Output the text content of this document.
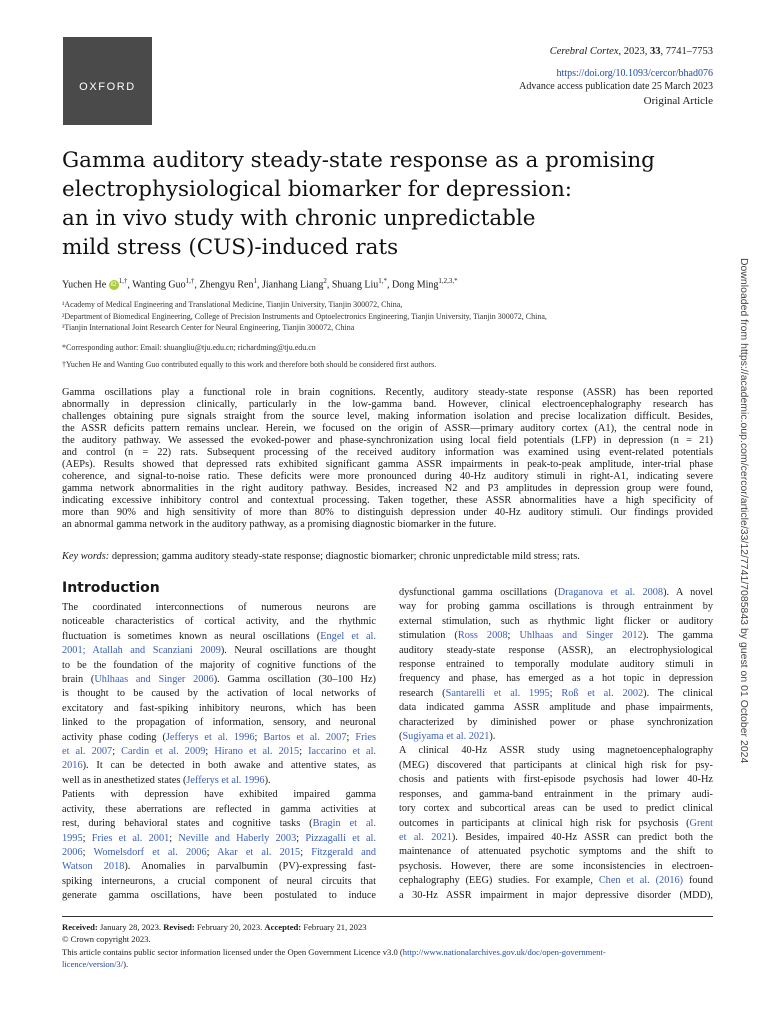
OXFORD
Cerebral Cortex, 2023, 33, 7741–7753
https://doi.org/10.1093/cercor/bhad076
Advance access publication date 25 March 2023
Original Article
Gamma auditory steady-state response as a promising
electrophysiological biomarker for depression:
an in vivo study with chronic unpredictable
mild stress (CUS)-induced rats
Yuchen He $iD^{1,\dagger}$, Wanting Guo$^{1,\dagger}$, Zhengyu Ren$^1$, Jianhang Liang$^2$, Shuang Liu$^{1,*}$, Dong Ming$^{1,2,3,*}$
¹Academy of Medical Engineering and Translational Medicine, Tianjin University, Tianjin 300072, China,
²Department of Biomedical Engineering, College of Precision Instruments and Optoelectronics Engineering, Tianjin University, Tianjin 300072, China,
³Tianjin International Joint Research Center for Neural Engineering, Tianjin 300072, China
*Corresponding author: Email: shuangliu@tju.edu.cn; richardming@tju.edu.cn
†Yuchen He and Wanting Guo contributed equally to this work and therefore both should be considered first authors.
Gamma oscillations play a functional role in brain cognitions. Recently, auditory steady-state response (ASSR) has been reported
abnormally in depression clinically, particularly in the low-gamma band. However, clinical electroencephalography research has
challenges obtaining pure signals straight from the source level, making information isolation and precise localization difficult. Besides,
the ASSR deficits pattern remains unclear. Herein, we focused on the origin of ASSR—primary auditory cortex (A1), the central node in
the auditory pathway. We assessed the evoked-power and phase-synchronization using local field potentials (LFP) in depression (n = 21)
and control (n = 22) rats. Subsequent processing of the received auditory information was examined using event-related potentials
(AEPs). Results showed that depressed rats exhibited significant gamma ASSR impairments in peak-to-peak amplitude, inter-trial phase
coherence, and signal-to-noise ratio. These deficits were more pronounced during 40-Hz auditory stimuli in right-A1, indicating severe
gamma network abnormalities in the right auditory pathway. Besides, increased N2 and P3 amplitudes in depression group were found,
indicating excessive inhibitory control and contextual processing. Taken together, these ASSR abnormalities have a high specificity of
more than 90% and high sensitivity of more than 80% to distinguish depression under 40-Hz auditory stimuli. Our findings provided
an abnormal gamma network in the auditory pathway, as a promising diagnostic biomarker in the future.
Key words: depression; gamma auditory steady-state response; diagnostic biomarker; chronic unpredictable mild stress; rats.
Introduction
The coordinated interconnections of numerous neurons are
noticeable characteristics of cortical activity, and the rhythmic
fluctuation is sometimes known as neural oscillations (Engel et al.
2001; Atallah and Scanziani 2009). Neural oscillations are thought
to be the foundation of the majority of cognitive functions of the
brain (Uhlhaas and Singer 2006). Gamma oscillation (30–100 Hz)
is thought to be caused by the activation of local networks of
excitatory and fast-spiking inhibitory neurons, which has been
linked to the propagation of information, sensory, and neuronal
activity phase coding (Jefferys et al. 1996; Bartos et al. 2007; Fries
et al. 2007; Cardin et al. 2009; Hirano et al. 2015; Iaccarino et al.
2016). It can be detected in both awake and attentive states, as
well as in anesthetized states (Jefferys et al. 1996).
Patients with depression have exhibited impaired gamma
activity, these aberrations are reflected in gamma activities at
rest, during behavioral states and cognitive tasks (Bragin et al.
1995; Fries et al. 2001; Neville and Haberly 2003; Pizzagalli et al.
2006; Womelsdorf et al. 2006; Akar et al. 2015; Fitzgerald and
Watson 2018). Anomalies in parvalbumin (PV)-expressing fast-
spiking interneurons, a crucial component of neural circuits that
generate gamma oscillations, have been postulated to induce
dysfunctional gamma oscillations (Draganova et al. 2008). A novel
way for probing gamma oscillations is through entrainment by
external stimulation, such as rhythmic light flicker or auditory
stimulation (Ross 2008; Uhlhaas and Singer 2012). The gamma
auditory steady-state response (ASSR), an electrophysiological
response entrained to temporally modulate auditory stimuli in
frequency and phase, has emerged as a hot topic in depression
research (Santarelli et al. 1995; Roß et al. 2002). The clinical
data indicated gamma ASSR amplitude and phase impairments,
characterized by diminished power or phase synchronization
(Sugiyama et al. 2021).
A clinical 40-Hz ASSR study using magnetoencephalography
(MEG) discovered that participants at clinical high risk for psy-
chosis and patients with first-episode psychosis had lower 40-Hz
responses, and gamma-band entrainment in the primary audi-
tory cortex and subcortical areas can be used to predict clinical
outcomes in participants at clinical high risk for psychosis (Grent
et al. 2021). Besides, impaired 40-Hz ASSR can predict both the
maintenance of attenuated psychotic symptoms and the shift to
psychosis. However, there are some inconsistencies in electroen-
cephalography (EEG) studies. For example, Chen et al. (2016) found
a 30-Hz ASSR impairment in major depressive disorder (MDD),
Received: January 28, 2023. Revised: February 20, 2023. Accepted: February 21, 2023
© Crown copyright 2023.
This article contains public sector information licensed under the Open Government Licence v3.0 (http://www.nationalarchives.gov.uk/doc/open-government-
licence/version/3/).
Downloaded from https://academic.oup.com/cercor/article/33/12/7741/7085843 by guest on 01 October 2024
